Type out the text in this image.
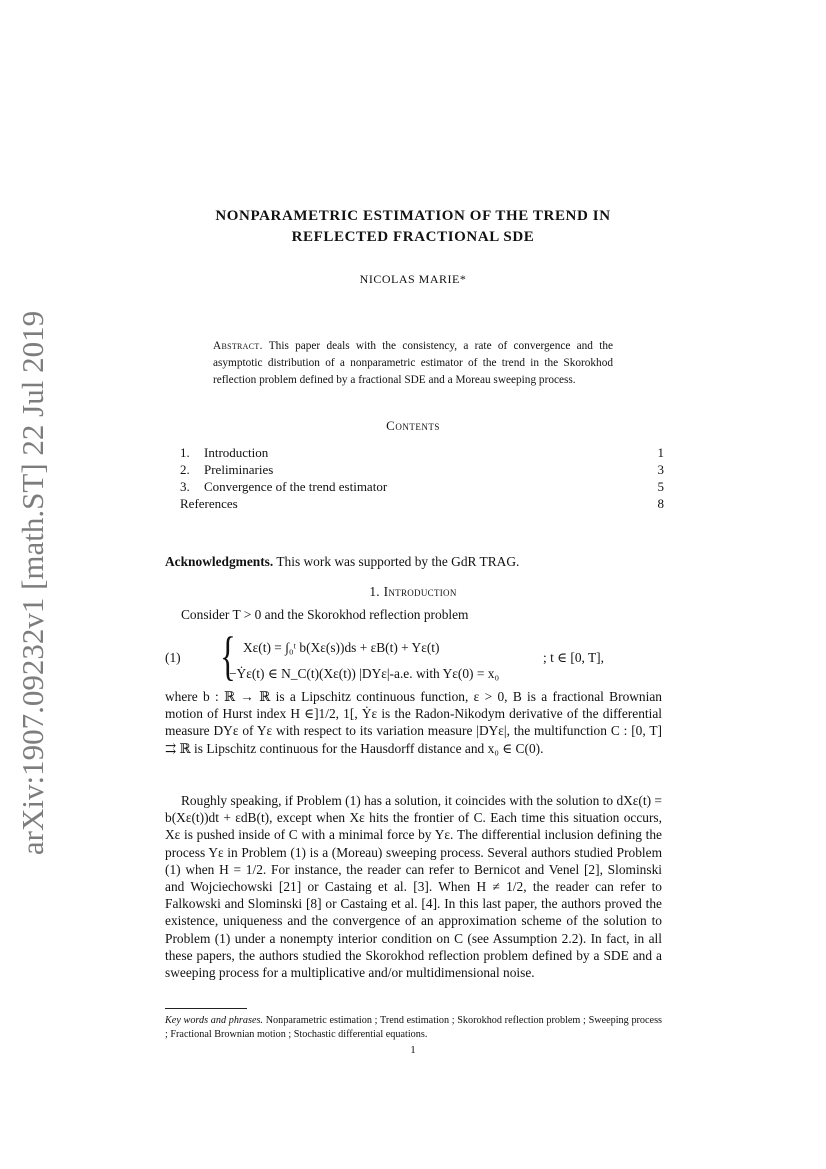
arXiv:1907.09232v1 [math.ST] 22 Jul 2019
NONPARAMETRIC ESTIMATION OF THE TREND IN
REFLECTED FRACTIONAL SDE
NICOLAS MARIE*
Abstract. This paper deals with the consistency, a rate of convergence and the asymptotic distribution of a nonparametric estimator of the trend in the Skorokhod reflection problem defined by a fractional SDE and a Moreau sweeping process.
Contents
1. Introduction	1
2. Preliminaries	3
3. Convergence of the trend estimator	5
References	8
Acknowledgments. This work was supported by the GdR TRAG.
1. Introduction
Consider T > 0 and the Skorokhod reflection problem
(1) { Xε(t) = ∫₀ᵗ b(Xε(s))ds + εB(t) + Yε(t)
−Ẏε(t) ∈ N_C(t)(Xε(t)) |DYε|-a.e. with Yε(0) = x₀
; t ∈ [0, T],
where b : ℝ → ℝ is a Lipschitz continuous function, ε > 0, B is a fractional Brownian motion of Hurst index H ∈]1/2, 1[, Ẏε is the Radon-Nikodym derivative of the differential measure DYε of Yε with respect to its variation measure |DYε|, the multifunction C : [0, T] ⇉ ℝ is Lipschitz continuous for the Hausdorff distance and x₀ ∈ C(0).
Roughly speaking, if Problem (1) has a solution, it coincides with the solution to dXε(t) = b(Xε(t))dt + εdB(t), except when Xε hits the frontier of C. Each time this situation occurs, Xε is pushed inside of C with a minimal force by Yε. The differential inclusion defining the process Yε in Problem (1) is a (Moreau) sweeping process. Several authors studied Problem (1) when H = 1/2. For instance, the reader can refer to Bernicot and Venel [2], Slominski and Wojciechowski [21] or Castaing et al. [3]. When H ≠ 1/2, the reader can refer to Falkowski and Slominski [8] or Castaing et al. [4]. In this last paper, the authors proved the existence, uniqueness and the convergence of an approximation scheme of the solution to Problem (1) under a nonempty interior condition on C (see Assumption 2.2). In fact, in all these papers, the authors studied the Skorokhod reflection problem defined by a SDE and a sweeping process for a multiplicative and/or multidimensional noise.
Key words and phrases. Nonparametric estimation ; Trend estimation ; Skorokhod reflection problem ; Sweeping process ; Fractional Brownian motion ; Stochastic differential equations.
1
